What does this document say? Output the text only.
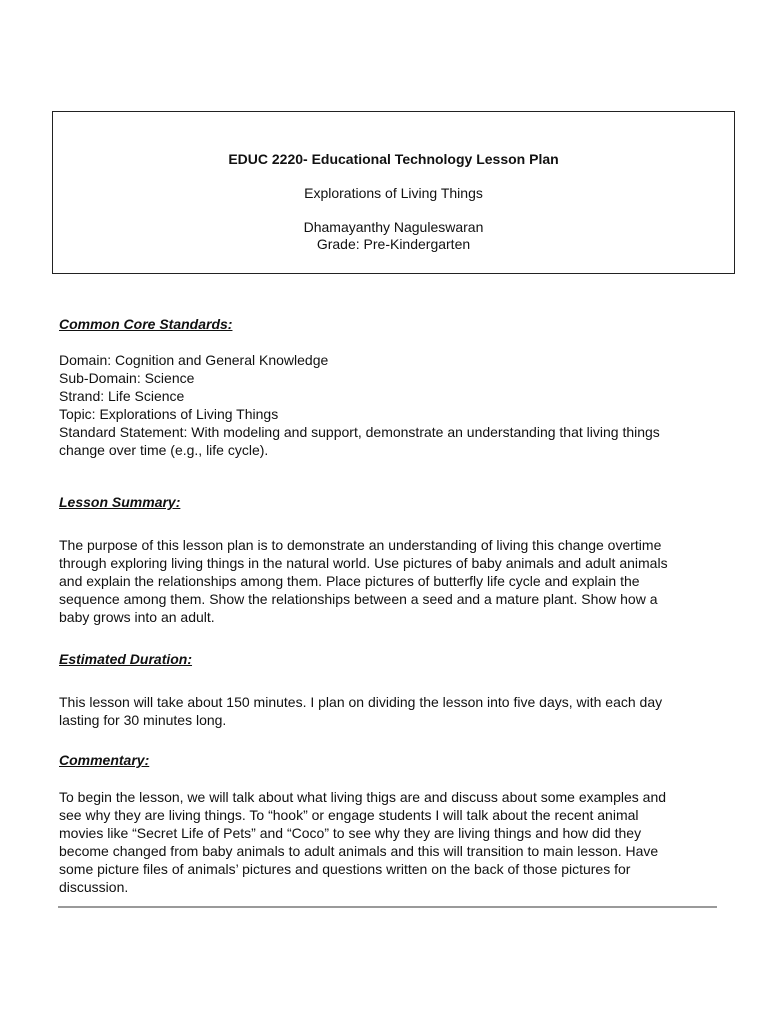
EDUC 2220- Educational Technology Lesson Plan
Explorations of Living Things
Dhamayanthy Naguleswaran
Grade: Pre-Kindergarten
Common Core Standards:
Domain: Cognition and General Knowledge
Sub-Domain: Science
Strand: Life Science
Topic: Explorations of Living Things
Standard Statement: With modeling and support, demonstrate an understanding that living things
change over time (e.g., life cycle).
Lesson Summary:
The purpose of this lesson plan is to demonstrate an understanding of living this change overtime
through exploring living things in the natural world. Use pictures of baby animals and adult animals
and explain the relationships among them. Place pictures of butterfly life cycle and explain the
sequence among them. Show the relationships between a seed and a mature plant. Show how a
baby grows into an adult.
Estimated Duration:
This lesson will take about 150 minutes. I plan on dividing the lesson into five days, with each day
lasting for 30 minutes long.
Commentary:
To begin the lesson, we will talk about what living thigs are and discuss about some examples and
see why they are living things. To “hook” or engage students I will talk about the recent animal
movies like “Secret Life of Pets” and “Coco” to see why they are living things and how did they
become changed from baby animals to adult animals and this will transition to main lesson. Have
some picture files of animals’ pictures and questions written on the back of those pictures for
discussion.
